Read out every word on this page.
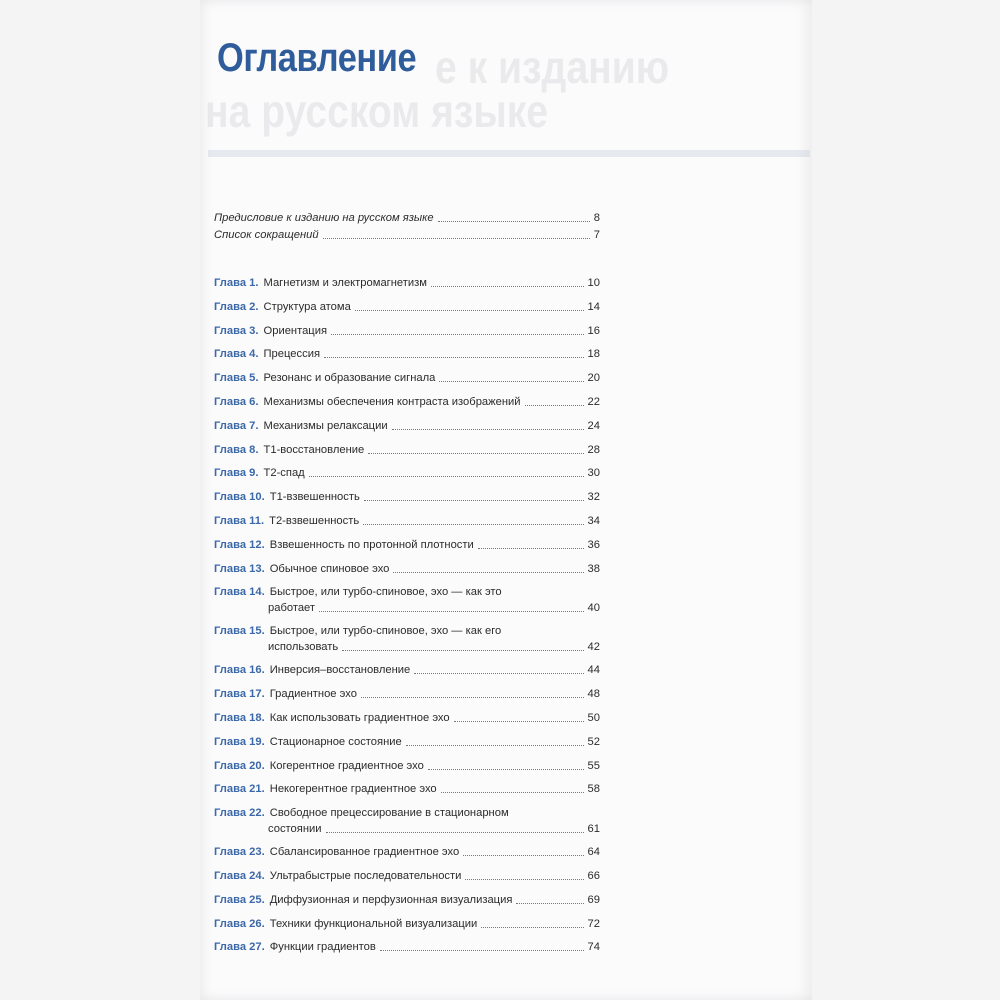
е к изданию
на русском языке
Оглавление
Предисловие к изданию на русском языке	8
Список сокращений	7
Глава 1. Магнетизм и электромагнетизм	10
Глава 2. Структура атома	14
Глава 3. Ориентация	16
Глава 4. Прецессия	18
Глава 5. Резонанс и образование сигнала	20
Глава 6. Механизмы обеспечения контраста изображений	22
Глава 7. Механизмы релаксации	24
Глава 8. Т1-восстановление	28
Глава 9. Т2-спад	30
Глава 10. Т1-взвешенность	32
Глава 11. Т2-взвешенность	34
Глава 12. Взвешенность по протонной плотности	36
Глава 13. Обычное спиновое эхо	38
Глава 14. Быстрое, или турбо-спиновое, эхо — как это
работает	40
Глава 15. Быстрое, или турбо-спиновое, эхо — как его
использовать	42
Глава 16. Инверсия–восстановление	44
Глава 17. Градиентное эхо	48
Глава 18. Как использовать градиентное эхо	50
Глава 19. Стационарное состояние	52
Глава 20. Когерентное градиентное эхо	55
Глава 21. Некогерентное градиентное эхо	58
Глава 22. Свободное прецессирование в стационарном
состоянии	61
Глава 23. Сбалансированное градиентное эхо	64
Глава 24. Ультрабыстрые последовательности	66
Глава 25. Диффузионная и перфузионная визуализация	69
Глава 26. Техники функциональной визуализации	72
Глава 27. Функции градиентов	74
